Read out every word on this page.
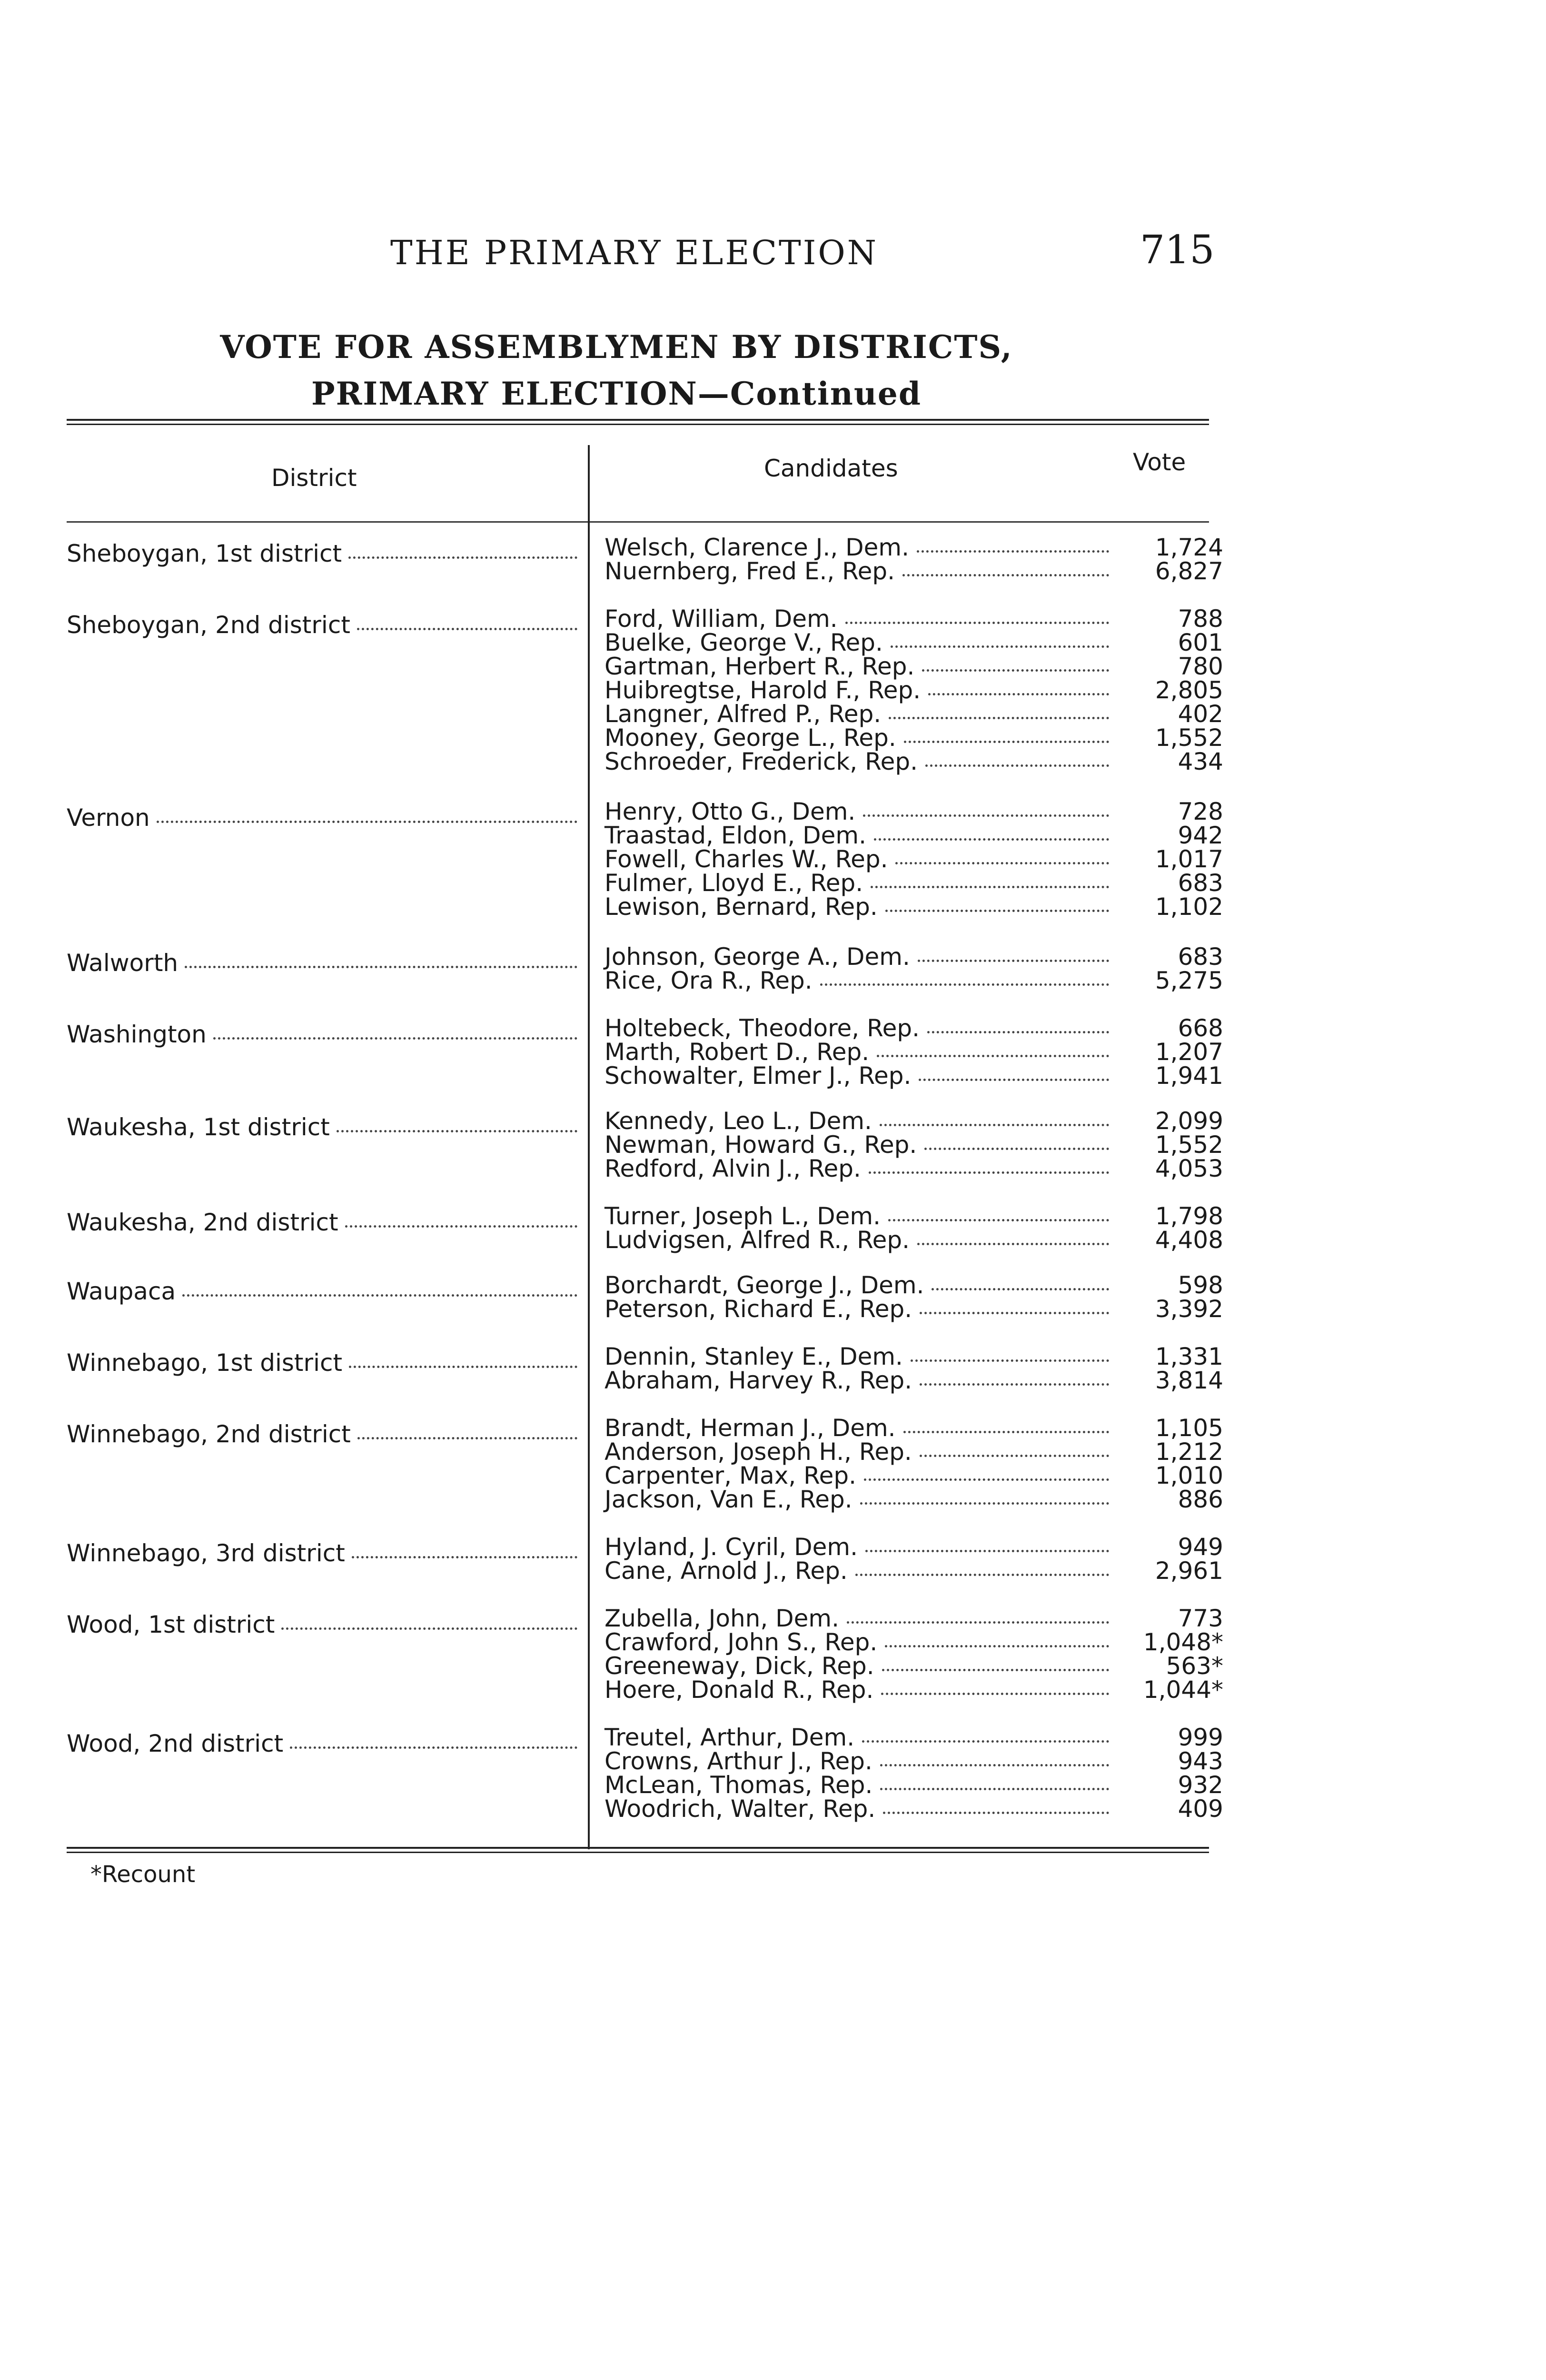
THE PRIMARY ELECTION	715
VOTE FOR ASSEMBLYMEN BY DISTRICTS,
PRIMARY ELECTION—Continued
District	Candidates	Vote
Sheboygan, 1st district	Welsch, Clarence J., Dem.	1,724
Nuernberg, Fred E., Rep.	6,827
Sheboygan, 2nd district	Ford, William, Dem.	788
Buelke, George V., Rep.	601
Gartman, Herbert R., Rep.	780
Huibregtse, Harold F., Rep.	2,805
Langner, Alfred P., Rep.	402
Mooney, George L., Rep.	1,552
Schroeder, Frederick, Rep.	434
Vernon	Henry, Otto G., Dem.	728
Traastad, Eldon, Dem.	942
Fowell, Charles W., Rep.	1,017
Fulmer, Lloyd E., Rep.	683
Lewison, Bernard, Rep.	1,102
Walworth	Johnson, George A., Dem.	683
Rice, Ora R., Rep.	5,275
Washington	Holtebeck, Theodore, Rep.	668
Marth, Robert D., Rep.	1,207
Schowalter, Elmer J., Rep.	1,941
Waukesha, 1st district	Kennedy, Leo L., Dem.	2,099
Newman, Howard G., Rep.	1,552
Redford, Alvin J., Rep.	4,053
Waukesha, 2nd district	Turner, Joseph L., Dem.	1,798
Ludvigsen, Alfred R., Rep.	4,408
Waupaca	Borchardt, George J., Dem.	598
Peterson, Richard E., Rep.	3,392
Winnebago, 1st district	Dennin, Stanley E., Dem.	1,331
Abraham, Harvey R., Rep.	3,814
Winnebago, 2nd district	Brandt, Herman J., Dem.	1,105
Anderson, Joseph H., Rep.	1,212
Carpenter, Max, Rep.	1,010
Jackson, Van E., Rep.	886
Winnebago, 3rd district	Hyland, J. Cyril, Dem.	949
Cane, Arnold J., Rep.	2,961
Wood, 1st district	Zubella, John, Dem.	773
Crawford, John S., Rep.	1,048*
Greeneway, Dick, Rep.	563*
Hoere, Donald R., Rep.	1,044*
Wood, 2nd district	Treutel, Arthur, Dem.	999
Crowns, Arthur J., Rep.	943
McLean, Thomas, Rep.	932
Woodrich, Walter, Rep.	409
*Recount
